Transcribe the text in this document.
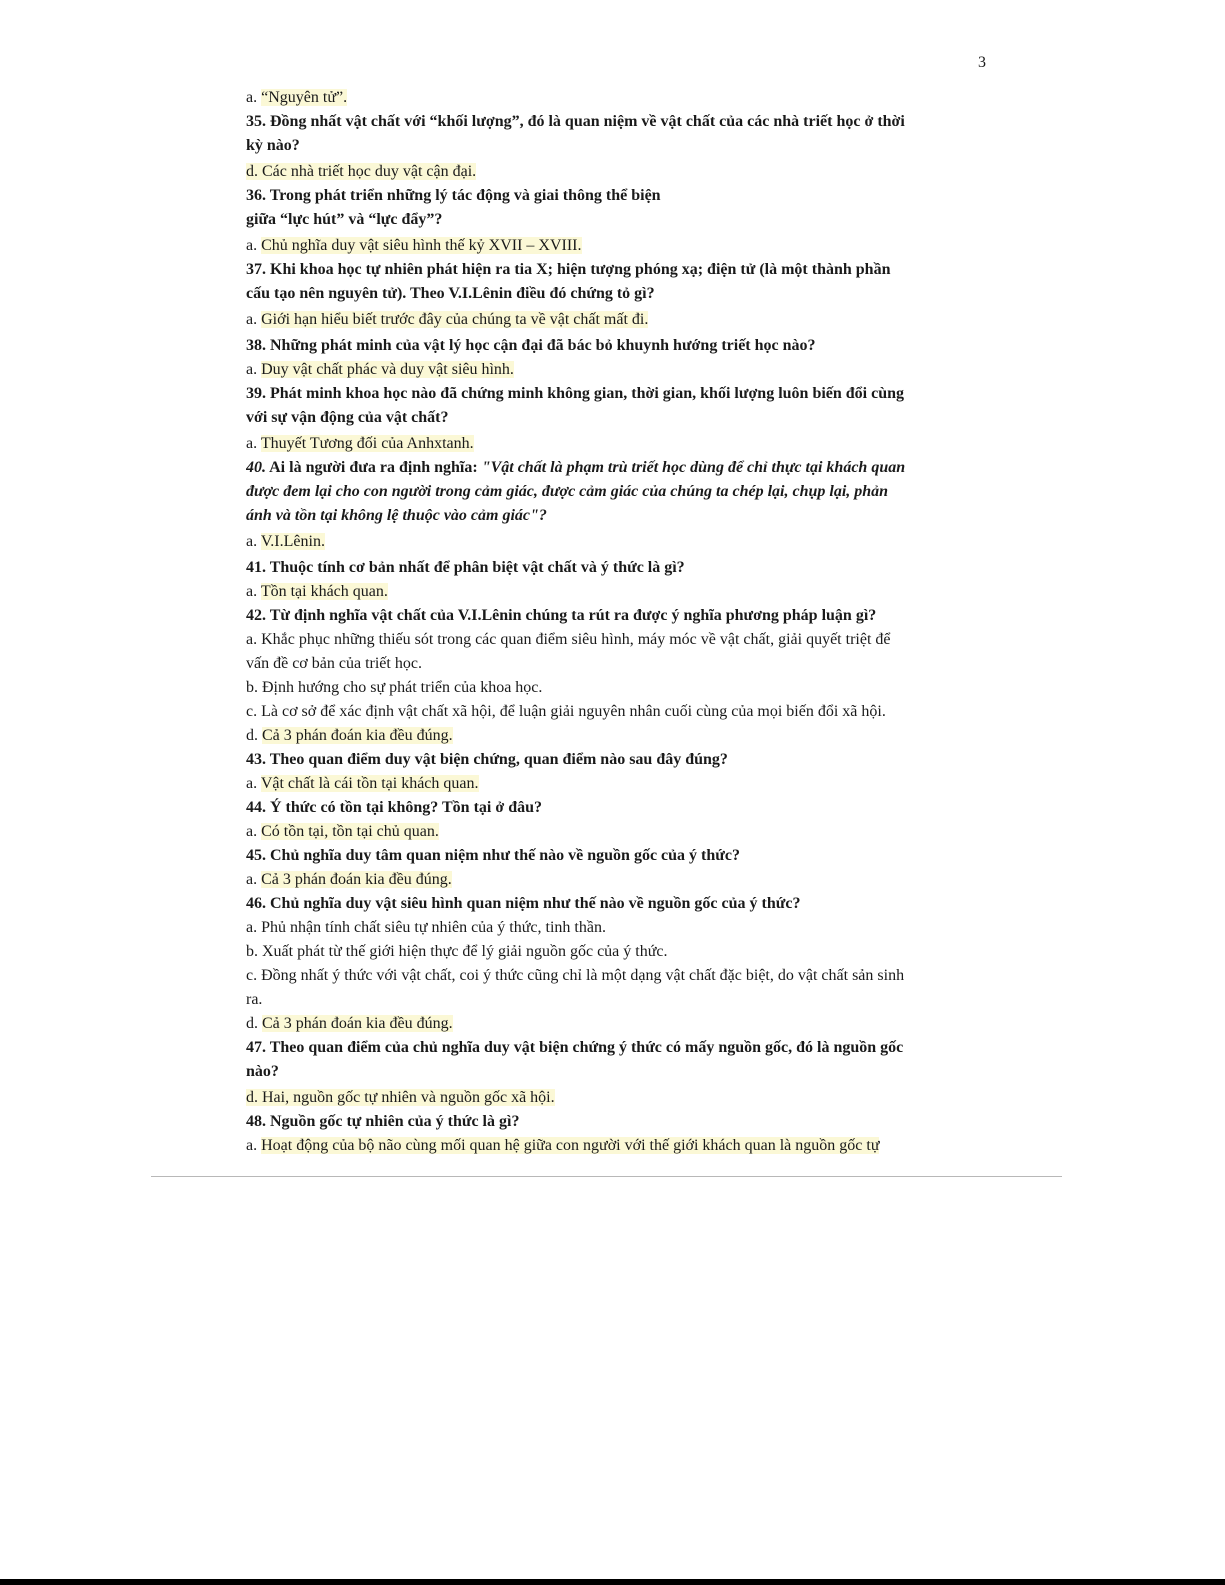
3
a. “Nguyên tử”.
35. Đồng nhất vật chất với “khối lượng”, đó là quan niệm về vật chất của các nhà triết học ở thời
kỳ nào?
d. Các nhà triết học duy vật cận đại.
36. Trong phát triển những lý tác động và giai thông thể biện
giữa “lực hút” và “lực đẩy”?
a. Chủ nghĩa duy vật siêu hình thế kỷ XVII – XVIII.
37. Khi khoa học tự nhiên phát hiện ra tia X; hiện tượng phóng xạ; điện tử (là một thành phần
cấu tạo nên nguyên tử). Theo V.I.Lênin điều đó chứng tỏ gì?
a. Giới hạn hiểu biết trước đây của chúng ta về vật chất mất đi.
38. Những phát minh của vật lý học cận đại đã bác bỏ khuynh hướng triết học nào?
a. Duy vật chất phác và duy vật siêu hình.
39. Phát minh khoa học nào đã chứng minh không gian, thời gian, khối lượng luôn biến đổi cùng
với sự vận động của vật chất?
a. Thuyết Tương đối của Anhxtanh.
40. Ai là người đưa ra định nghĩa: "Vật chất là phạm trù triết học dùng để chỉ thực tại khách quan
được đem lại cho con người trong cảm giác, được cảm giác của chúng ta chép lại, chụp lại, phản
ánh và tồn tại không lệ thuộc vào cảm giác"?
a. V.I.Lênin.
41. Thuộc tính cơ bản nhất để phân biệt vật chất và ý thức là gì?
a. Tồn tại khách quan.
42. Từ định nghĩa vật chất của V.I.Lênin chúng ta rút ra được ý nghĩa phương pháp luận gì?
a. Khắc phục những thiếu sót trong các quan điểm siêu hình, máy móc về vật chất, giải quyết triệt để
vấn đề cơ bản của triết học.
b. Định hướng cho sự phát triển của khoa học.
c. Là cơ sở để xác định vật chất xã hội, để luận giải nguyên nhân cuối cùng của mọi biến đổi xã hội.
d. Cả 3 phán đoán kia đều đúng.
43. Theo quan điểm duy vật biện chứng, quan điểm nào sau đây đúng?
a. Vật chất là cái tồn tại khách quan.
44. Ý thức có tồn tại không? Tồn tại ở đâu?
a. Có tồn tại, tồn tại chủ quan.
45. Chủ nghĩa duy tâm quan niệm như thế nào về nguồn gốc của ý thức?
a. Cả 3 phán đoán kia đều đúng.
46. Chủ nghĩa duy vật siêu hình quan niệm như thế nào về nguồn gốc của ý thức?
a. Phủ nhận tính chất siêu tự nhiên của ý thức, tinh thần.
b. Xuất phát từ thế giới hiện thực để lý giải nguồn gốc của ý thức.
c. Đồng nhất ý thức với vật chất, coi ý thức cũng chỉ là một dạng vật chất đặc biệt, do vật chất sản sinh
ra.
d. Cả 3 phán đoán kia đều đúng.
47. Theo quan điểm của chủ nghĩa duy vật biện chứng ý thức có mấy nguồn gốc, đó là nguồn gốc
nào?
d. Hai, nguồn gốc tự nhiên và nguồn gốc xã hội.
48. Nguồn gốc tự nhiên của ý thức là gì?
a. Hoạt động của bộ não cùng mối quan hệ giữa con người với thế giới khách quan là nguồn gốc tự
